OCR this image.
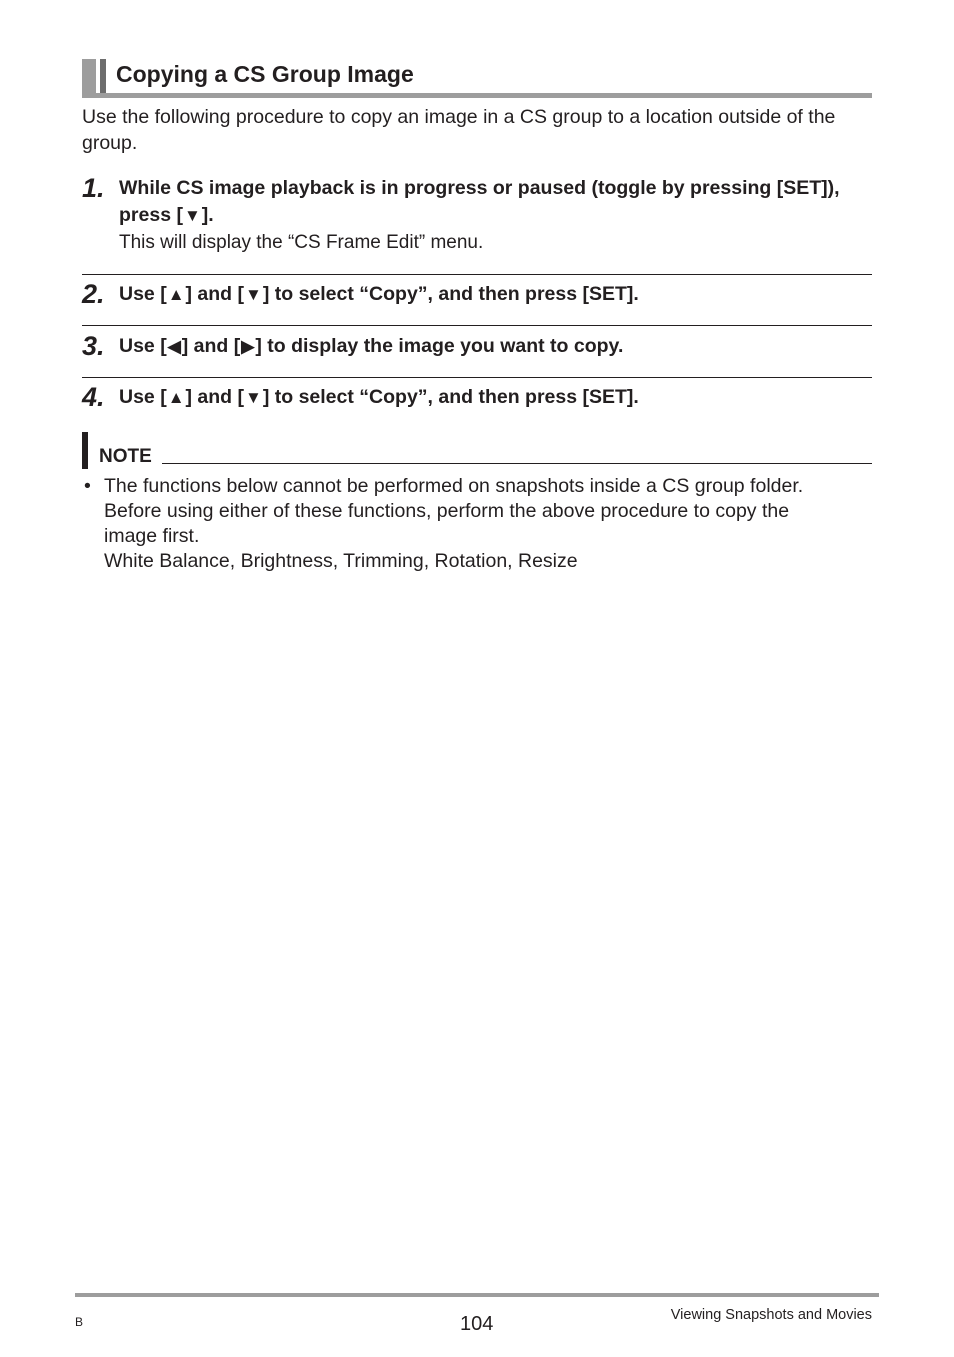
Copying a CS Group Image
Use the following procedure to copy an image in a CS group to a location outside of the group.
1. While CS image playback is in progress or paused (toggle by pressing [SET]), press [▼].
This will display the “CS Frame Edit” menu.
2. Use [▲] and [▼] to select “Copy”, and then press [SET].
3. Use [◀] and [▶] to display the image you want to copy.
4. Use [▲] and [▼] to select “Copy”, and then press [SET].
NOTE
• The functions below cannot be performed on snapshots inside a CS group folder.
Before using either of these functions, perform the above procedure to copy the
image first.
White Balance, Brightness, Trimming, Rotation, Resize
B	104	Viewing Snapshots and Movies
